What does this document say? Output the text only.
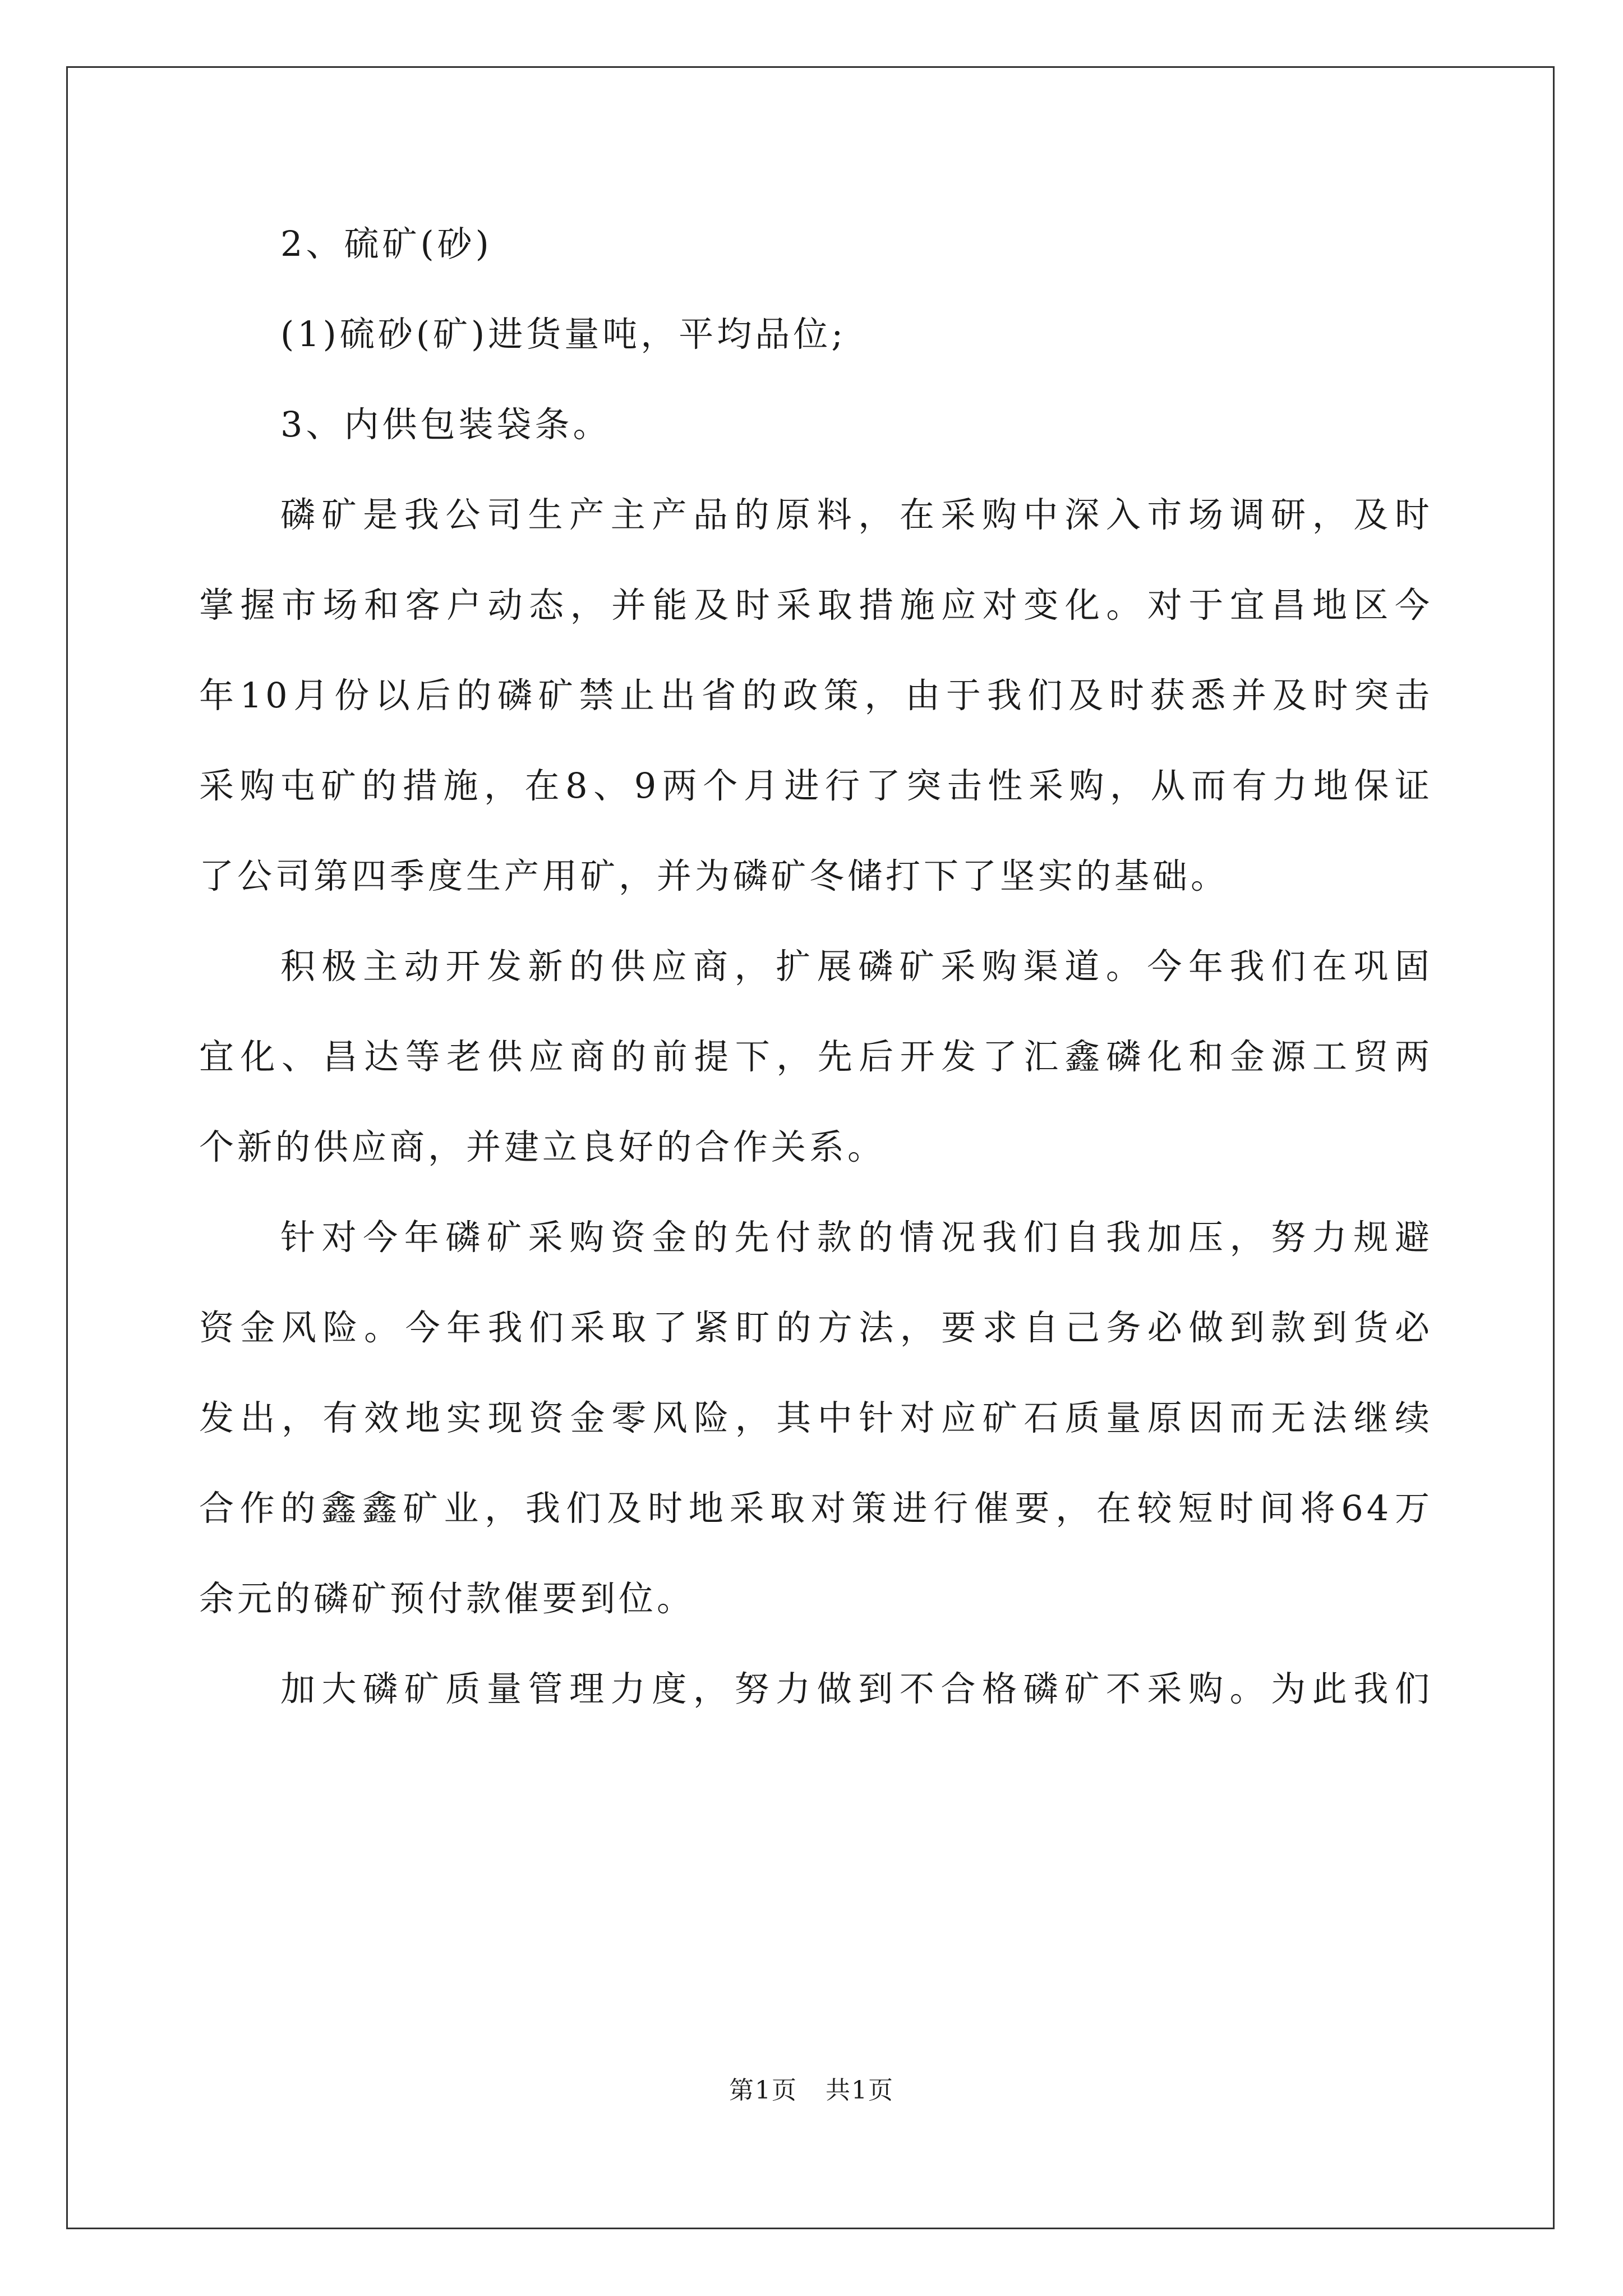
2、硫矿(砂)

(1)硫砂(矿)进货量吨，平均品位;

3、内供包装袋条。

磷矿是我公司生产主产品的原料，在采购中深入市场调研，及时

掌握市场和客户动态，并能及时采取措施应对变化。对于宜昌地区今

年10月份以后的磷矿禁止出省的政策，由于我们及时获悉并及时突击

采购屯矿的措施，在8、9两个月进行了突击性采购，从而有力地保证

了公司第四季度生产用矿，并为磷矿冬储打下了坚实的基础。

积极主动开发新的供应商，扩展磷矿采购渠道。今年我们在巩固

宜化、昌达等老供应商的前提下，先后开发了汇鑫磷化和金源工贸两

个新的供应商，并建立良好的合作关系。

针对今年磷矿采购资金的先付款的情况我们自我加压，努力规避

资金风险。今年我们采取了紧盯的方法，要求自己务必做到款到货必

发出，有效地实现资金零风险，其中针对应矿石质量原因而无法继续

合作的鑫鑫矿业，我们及时地采取对策进行催要，在较短时间将64万

余元的磷矿预付款催要到位。

加大磷矿质量管理力度，努力做到不合格磷矿不采购。为此我们

第1页 共1页
